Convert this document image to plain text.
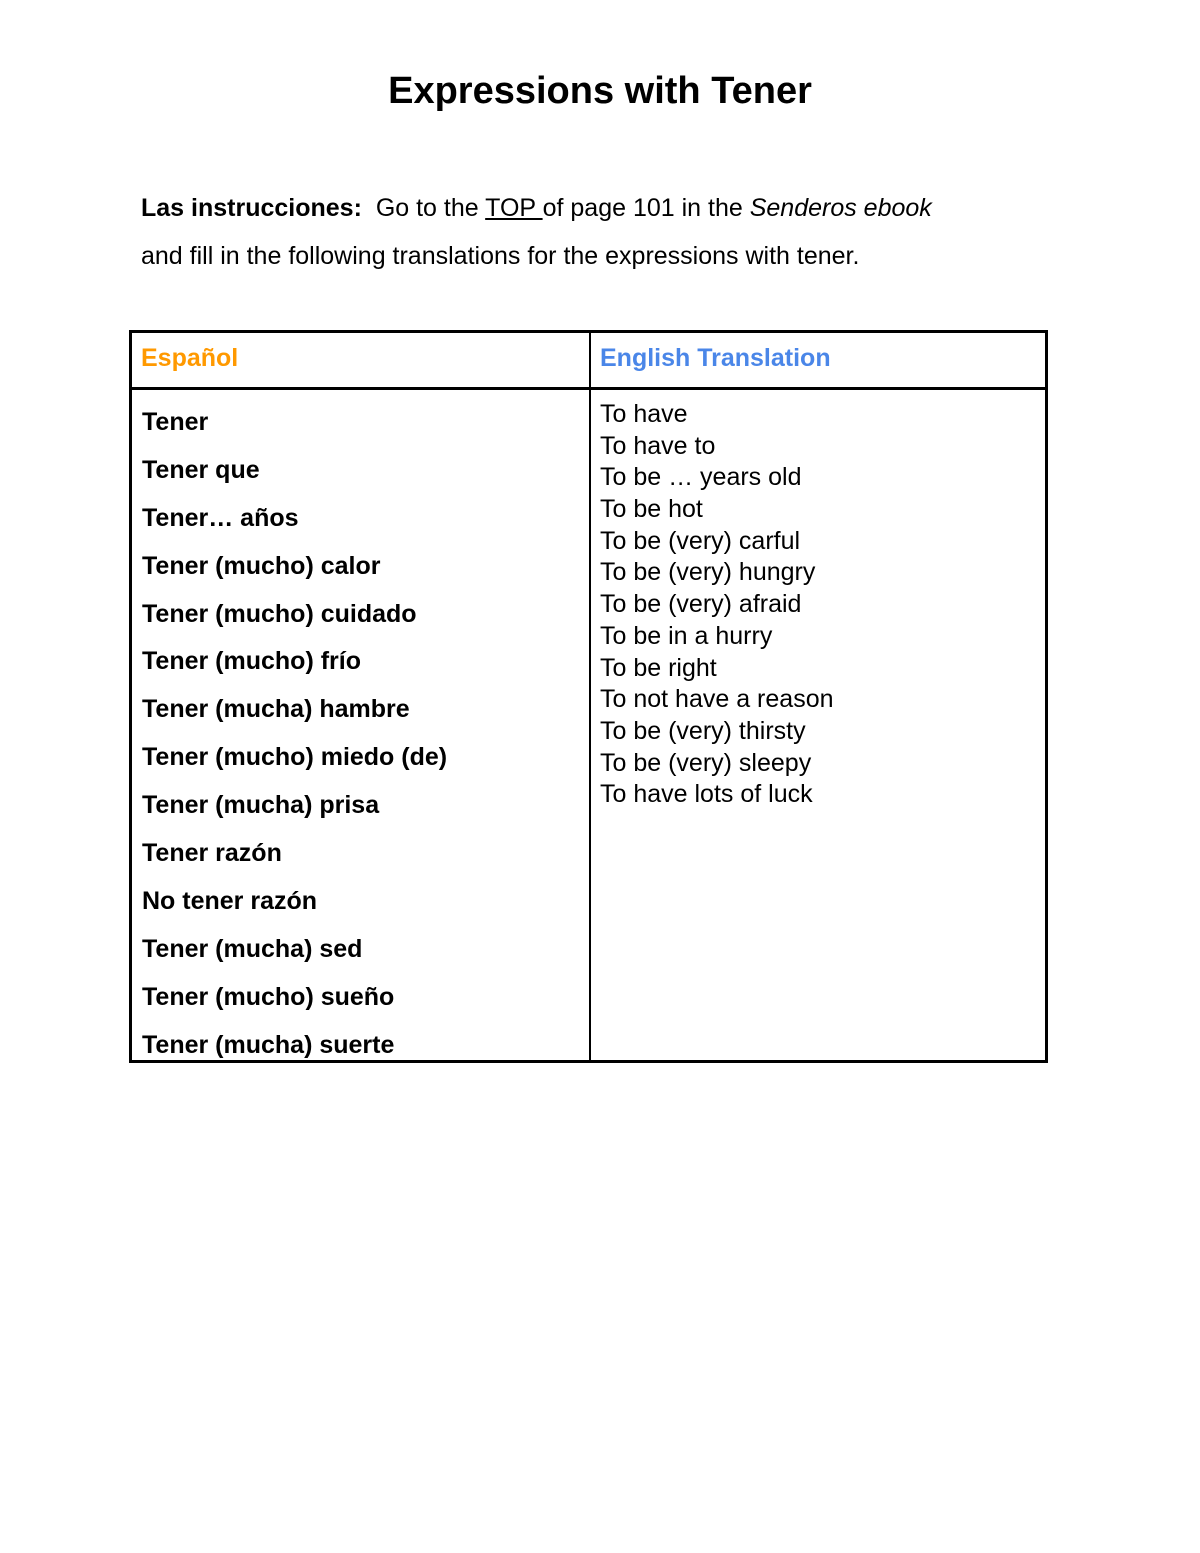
Expressions with Tener

Las instrucciones: Go to the TOP of page 101 in the Senderos ebook
and fill in the following translations for the expressions with tener.

Español	English Translation
Tener
Tener que
Tener… años
Tener (mucho) calor
Tener (mucho) cuidado
Tener (mucho) frío
Tener (mucha) hambre
Tener (mucho) miedo (de)
Tener (mucha) prisa
Tener razón
No tener razón
Tener (mucha) sed
Tener (mucho) sueño
Tener (mucha) suerte
To have
To have to
To be … years old
To be hot
To be (very) carful
To be (very) hungry
To be (very) afraid
To be in a hurry
To be right
To not have a reason
To be (very) thirsty
To be (very) sleepy
To have lots of luck
